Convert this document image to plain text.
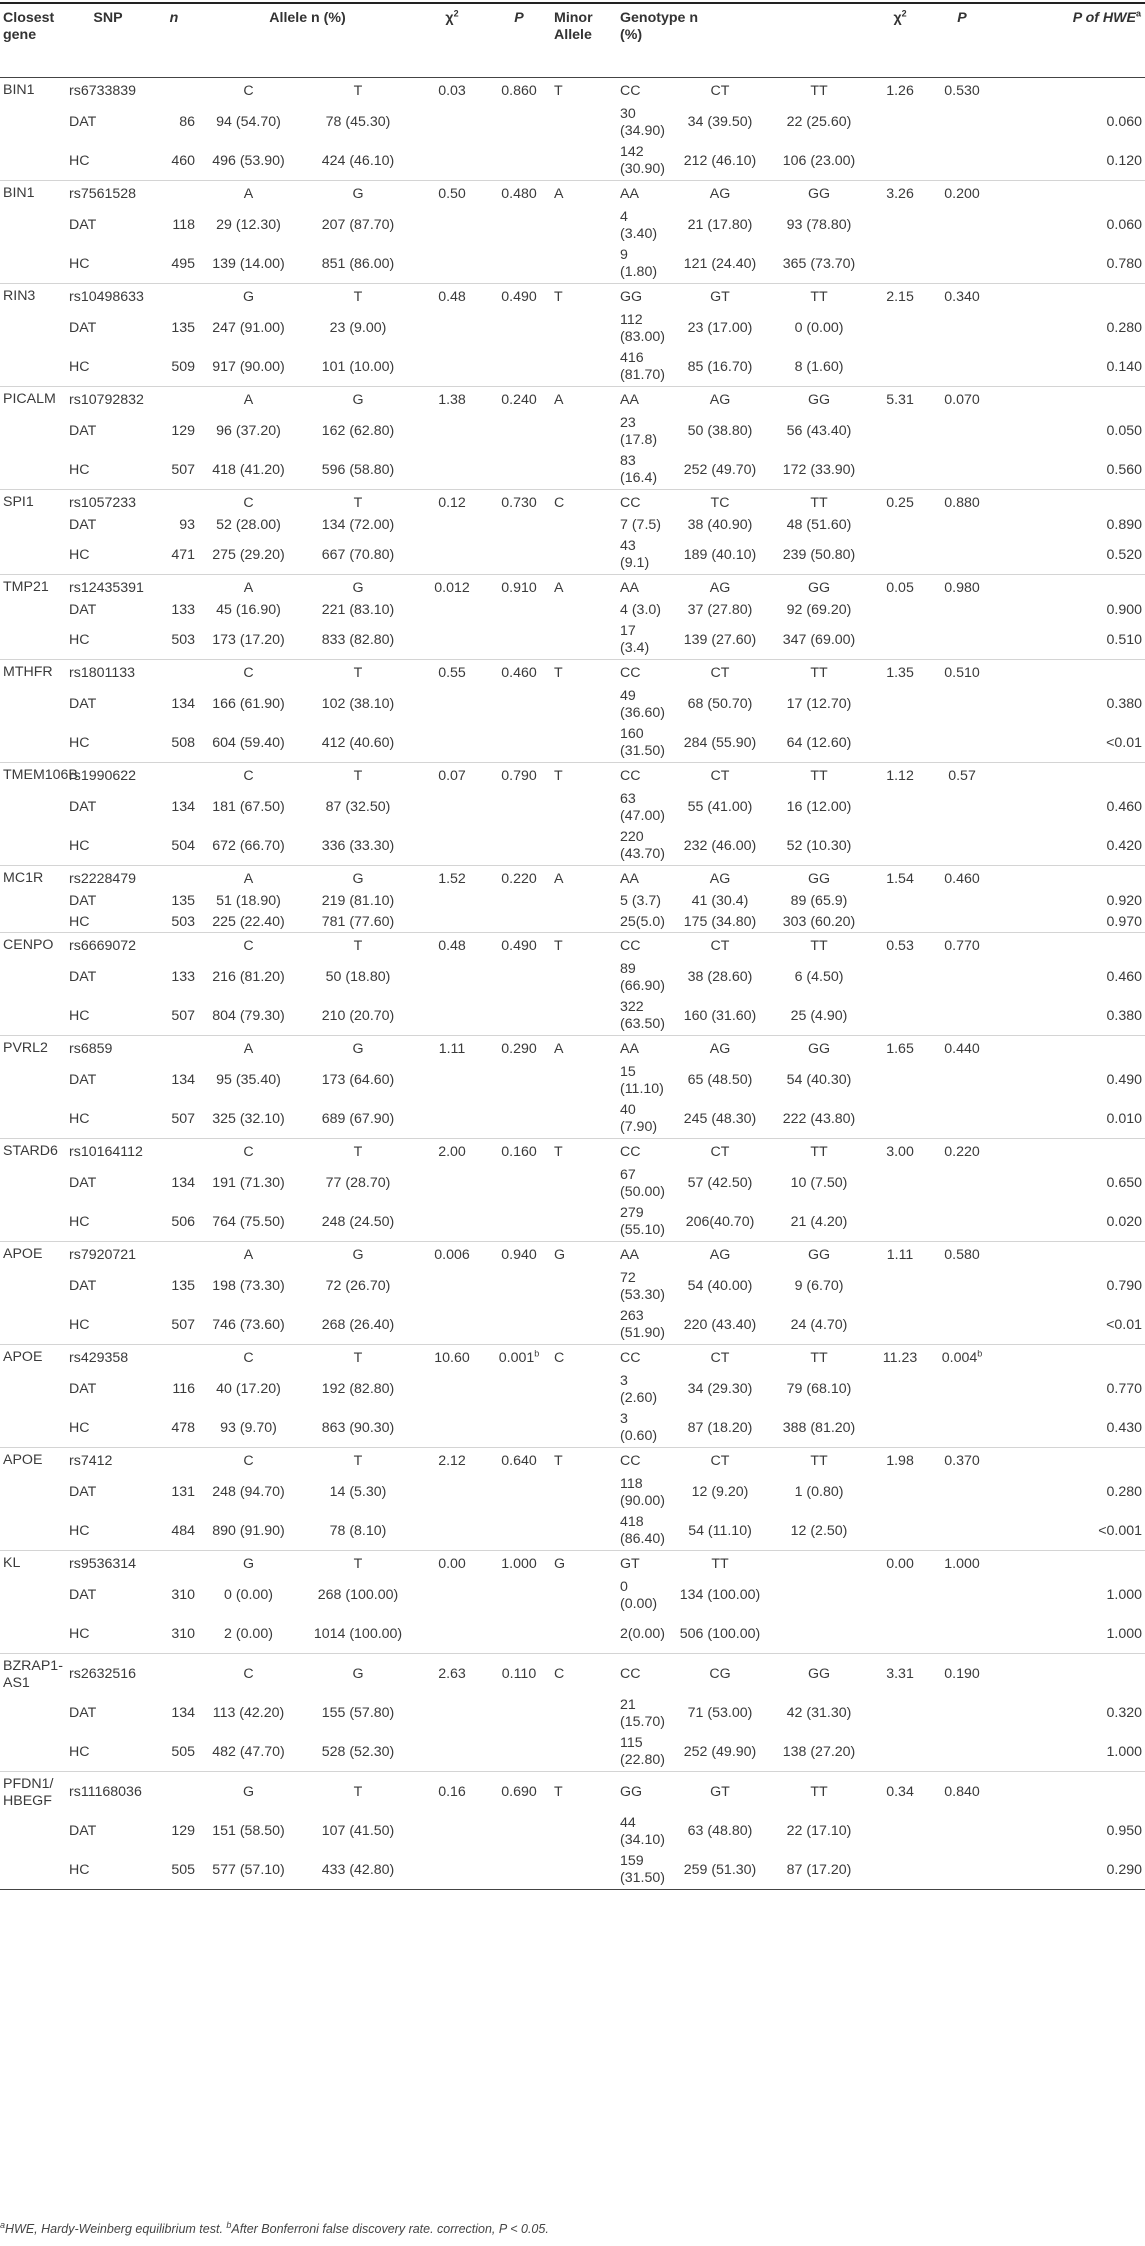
Closest gene	SNP	n	Allele n (%)		$\chi^2$	P	Minor Allele	Genotype n (%)			$\chi^2$	P	P of HWE$^a$
BIN1	rs6733839		C	T	0.03	0.860	T	CC	CT	TT	1.26	0.530	
	DAT	86	94 (54.70)	78 (45.30)				30 (34.90)	34 (39.50)	22 (25.60)			0.060
	HC	460	496 (53.90)	424 (46.10)				142 (30.90)	212 (46.10)	106 (23.00)			0.120
BIN1	rs7561528		A	G	0.50	0.480	A	AA	AG	GG	3.26	0.200	
	DAT	118	29 (12.30)	207 (87.70)				4 (3.40)	21 (17.80)	93 (78.80)			0.060
	HC	495	139 (14.00)	851 (86.00)				9 (1.80)	121 (24.40)	365 (73.70)			0.780
RIN3	rs10498633		G	T	0.48	0.490	T	GG	GT	TT	2.15	0.340	
	DAT	135	247 (91.00)	23 (9.00)				112 (83.00)	23 (17.00)	0 (0.00)			0.280
	HC	509	917 (90.00)	101 (10.00)				416 (81.70)	85 (16.70)	8 (1.60)			0.140
PICALM	rs10792832		A	G	1.38	0.240	A	AA	AG	GG	5.31	0.070	
	DAT	129	96 (37.20)	162 (62.80)				23 (17.8)	50 (38.80)	56 (43.40)			0.050
	HC	507	418 (41.20)	596 (58.80)				83 (16.4)	252 (49.70)	172 (33.90)			0.560
SPI1	rs1057233		C	T	0.12	0.730	C	CC	TC	TT	0.25	0.880	
	DAT	93	52 (28.00)	134 (72.00)				7 (7.5)	38 (40.90)	48 (51.60)			0.890
	HC	471	275 (29.20)	667 (70.80)				43 (9.1)	189 (40.10)	239 (50.80)			0.520
TMP21	rs12435391		A	G	0.012	0.910	A	AA	AG	GG	0.05	0.980	
	DAT	133	45 (16.90)	221 (83.10)				4 (3.0)	37 (27.80)	92 (69.20)			0.900
	HC	503	173 (17.20)	833 (82.80)				17 (3.4)	139 (27.60)	347 (69.00)			0.510
MTHFR	rs1801133		C	T	0.55	0.460	T	CC	CT	TT	1.35	0.510	
	DAT	134	166 (61.90)	102 (38.10)				49 (36.60)	68 (50.70)	17 (12.70)			0.380
	HC	508	604 (59.40)	412 (40.60)				160 (31.50)	284 (55.90)	64 (12.60)			<0.01
TMEM106B	rs1990622		C	T	0.07	0.790	T	CC	CT	TT	1.12	0.57	
	DAT	134	181 (67.50)	87 (32.50)				63 (47.00)	55 (41.00)	16 (12.00)			0.460
	HC	504	672 (66.70)	336 (33.30)				220 (43.70)	232 (46.00)	52 (10.30)			0.420
MC1R	rs2228479		A	G	1.52	0.220	A	AA	AG	GG	1.54	0.460	
	DAT	135	51 (18.90)	219 (81.10)				5 (3.7)	41 (30.4)	89 (65.9)			0.920
	HC	503	225 (22.40)	781 (77.60)				25(5.0)	175 (34.80)	303 (60.20)			0.970
CENPO	rs6669072		C	T	0.48	0.490	T	CC	CT	TT	0.53	0.770	
	DAT	133	216 (81.20)	50 (18.80)				89 (66.90)	38 (28.60)	6 (4.50)			0.460
	HC	507	804 (79.30)	210 (20.70)				322 (63.50)	160 (31.60)	25 (4.90)			0.380
PVRL2	rs6859		A	G	1.11	0.290	A	AA	AG	GG	1.65	0.440	
	DAT	134	95 (35.40)	173 (64.60)				15 (11.10)	65 (48.50)	54 (40.30)			0.490
	HC	507	325 (32.10)	689 (67.90)				40 (7.90)	245 (48.30)	222 (43.80)			0.010
STARD6	rs10164112		C	T	2.00	0.160	T	CC	CT	TT	3.00	0.220	
	DAT	134	191 (71.30)	77 (28.70)				67 (50.00)	57 (42.50)	10 (7.50)			0.650
	HC	506	764 (75.50)	248 (24.50)				279 (55.10)	206(40.70)	21 (4.20)			0.020
APOE	rs7920721		A	G	0.006	0.940	G	AA	AG	GG	1.11	0.580	
	DAT	135	198 (73.30)	72 (26.70)				72 (53.30)	54 (40.00)	9 (6.70)			0.790
	HC	507	746 (73.60)	268 (26.40)				263 (51.90)	220 (43.40)	24 (4.70)			<0.01
APOE	rs429358		C	T	10.60	0.001$^b$	C	CC	CT	TT	11.23	0.004$^b$	
	DAT	116	40 (17.20)	192 (82.80)				3 (2.60)	34 (29.30)	79 (68.10)			0.770
	HC	478	93 (9.70)	863 (90.30)				3 (0.60)	87 (18.20)	388 (81.20)			0.430
APOE	rs7412		C	T	2.12	0.640	T	CC	CT	TT	1.98	0.370	
	DAT	131	248 (94.70)	14 (5.30)				118 (90.00)	12 (9.20)	1 (0.80)			0.280
	HC	484	890 (91.90)	78 (8.10)				418 (86.40)	54 (11.10)	12 (2.50)			<0.001
KL	rs9536314		G	T	0.00	1.000	G	GT	TT		0.00	1.000	
	DAT	310	0 (0.00)	268 (100.00)				0 (0.00)	134 (100.00)				1.000
	HC	310	2 (0.00)	1014 (100.00)				2(0.00)	506 (100.00)				1.000
BZRAP1-AS1	rs2632516		C	G	2.63	0.110	C	CC	CG	GG	3.31	0.190	
	DAT	134	113 (42.20)	155 (57.80)				21 (15.70)	71 (53.00)	42 (31.30)			0.320
	HC	505	482 (47.70)	528 (52.30)				115 (22.80)	252 (49.90)	138 (27.20)			1.000
PFDN1/ HBEGF	rs11168036		G	T	0.16	0.690	T	GG	GT	TT	0.34	0.840	
	DAT	129	151 (58.50)	107 (41.50)				44 (34.10)	63 (48.80)	22 (17.10)			0.950
	HC	505	577 (57.10)	433 (42.80)				159 (31.50)	259 (51.30)	87 (17.20)			0.290
$^a$HWE, Hardy-Weinberg equilibrium test. $^b$After Bonferroni false discovery rate. correction, P < 0.05.
